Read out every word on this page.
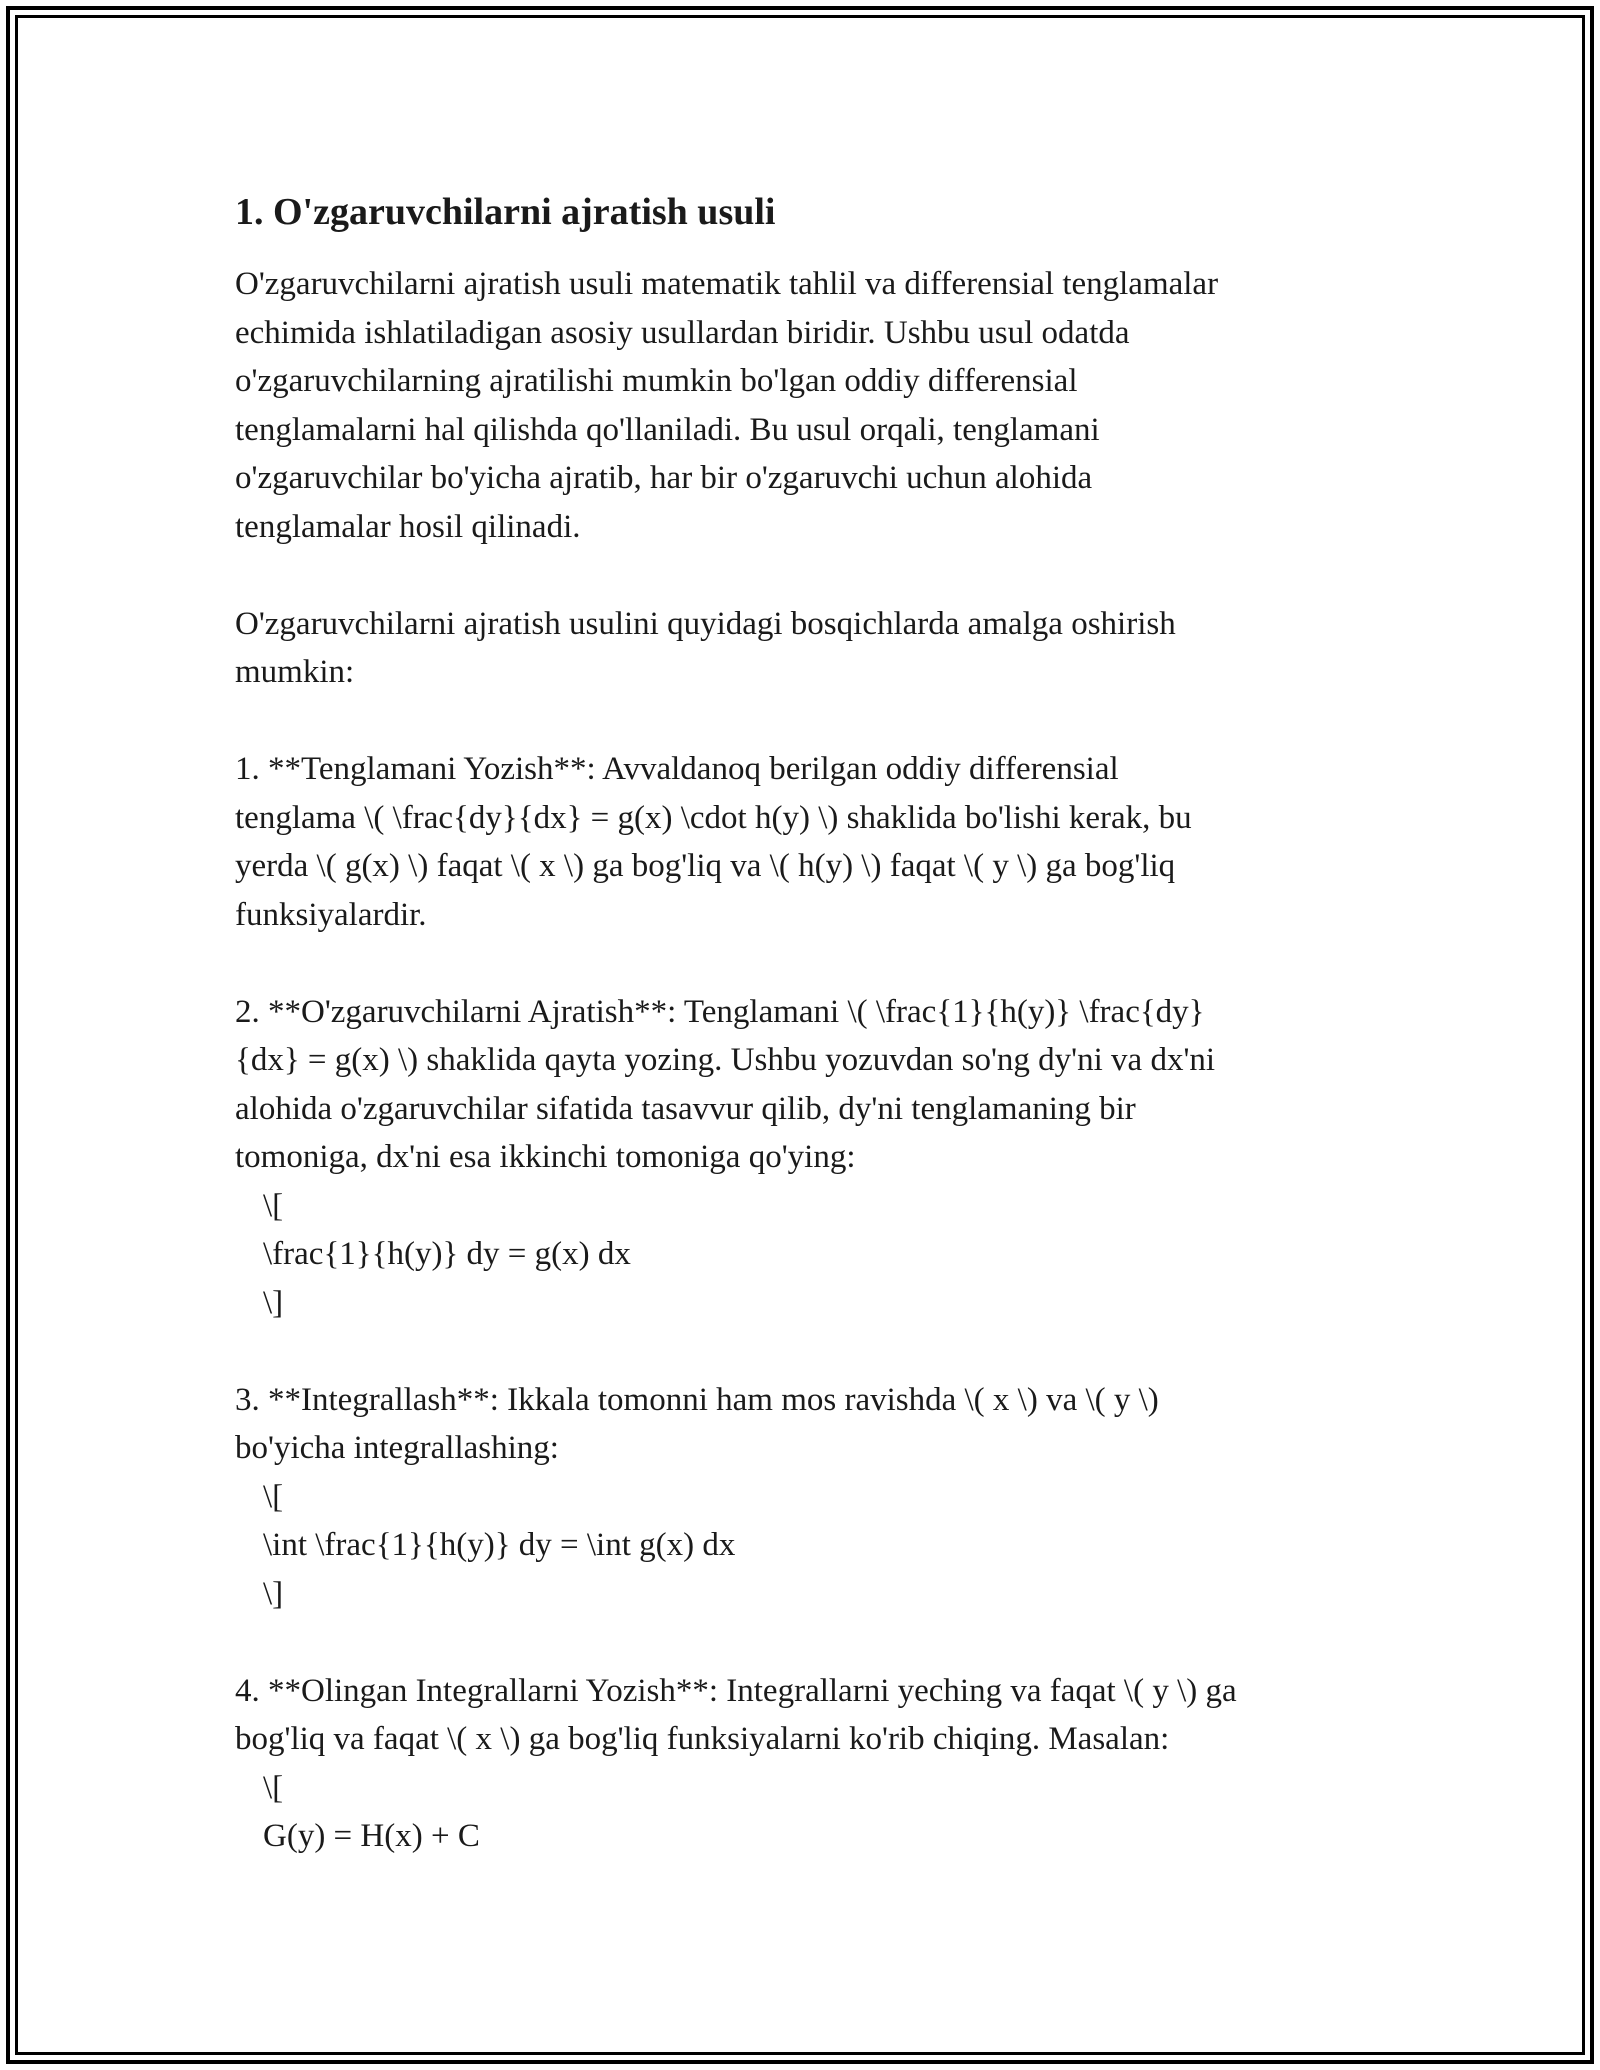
1. O'zgaruvchilarni ajratish usuli
O'zgaruvchilarni ajratish usuli matematik tahlil va differensial tenglamalar
echimida ishlatiladigan asosiy usullardan biridir. Ushbu usul odatda
o'zgaruvchilarning ajratilishi mumkin bo'lgan oddiy differensial
tenglamalarni hal qilishda qo'llaniladi. Bu usul orqali, tenglamani
o'zgaruvchilar bo'yicha ajratib, har bir o'zgaruvchi uchun alohida
tenglamalar hosil qilinadi.
O'zgaruvchilarni ajratish usulini quyidagi bosqichlarda amalga oshirish
mumkin:
1. **Tenglamani Yozish**: Avvaldanoq berilgan oddiy differensial
tenglama \( \frac{dy}{dx} = g(x) \cdot h(y) \) shaklida bo'lishi kerak, bu
yerda \( g(x) \) faqat \( x \) ga bog'liq va \( h(y) \) faqat \( y \) ga bog'liq
funksiyalardir.
2. **O'zgaruvchilarni Ajratish**: Tenglamani \( \frac{1}{h(y)} \frac{dy}
{dx} = g(x) \) shaklida qayta yozing. Ushbu yozuvdan so'ng dy'ni va dx'ni
alohida o'zgaruvchilar sifatida tasavvur qilib, dy'ni tenglamaning bir
tomoniga, dx'ni esa ikkinchi tomoniga qo'ying:
\[
\frac{1}{h(y)} dy = g(x) dx
\]
3. **Integrallash**: Ikkala tomonni ham mos ravishda \( x \) va \( y \)
bo'yicha integrallashing:
\[
\int \frac{1}{h(y)} dy = \int g(x) dx
\]
4. **Olingan Integrallarni Yozish**: Integrallarni yeching va faqat \( y \) ga
bog'liq va faqat \( x \) ga bog'liq funksiyalarni ko'rib chiqing. Masalan:
\[
G(y) = H(x) + C
